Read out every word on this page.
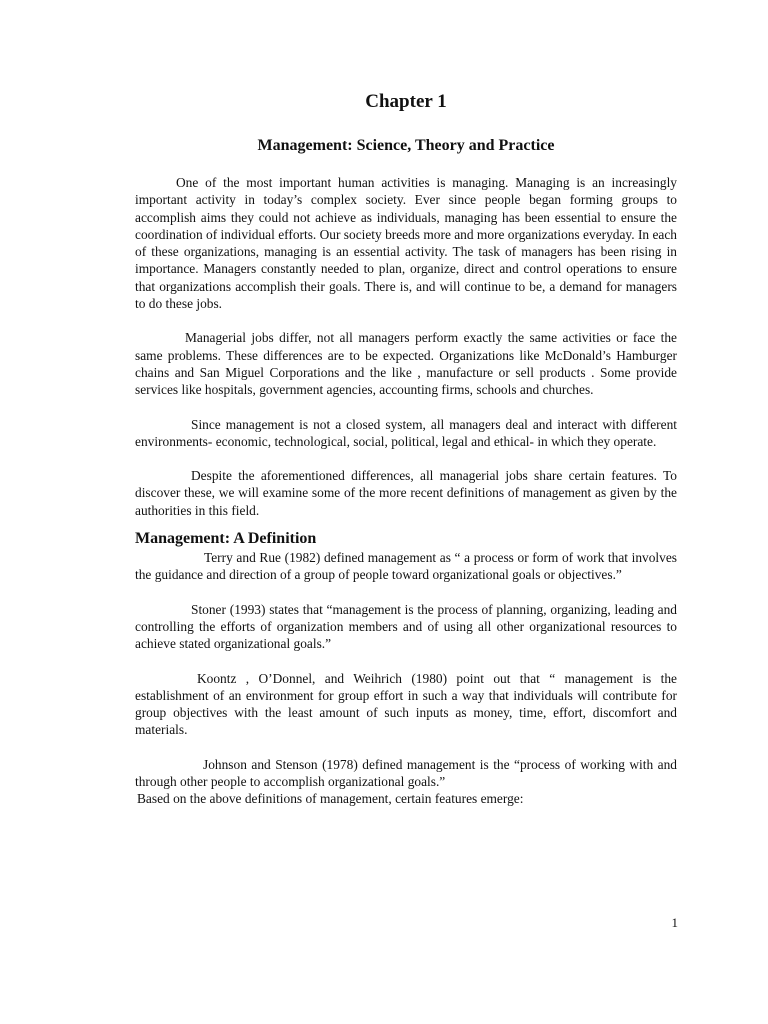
Chapter 1
Management: Science, Theory and Practice

One of the most important human activities is managing. Managing is an increasingly important activity in today’s complex society. Ever since people began forming groups to accomplish aims they could not achieve as individuals, managing has been essential to ensure the coordination of individual efforts. Our society breeds more and more organizations everyday. In each of these organizations, managing is an essential activity. The task of managers has been rising in importance. Managers constantly needed to plan, organize, direct and control operations to ensure that organizations accomplish their goals. There is, and will continue to be, a demand for managers to do these jobs.

Managerial jobs differ, not all managers perform exactly the same activities or face the same problems. These differences are to be expected. Organizations like McDonald’s Hamburger chains and San Miguel Corporations and the like , manufacture or sell products . Some provide services like hospitals, government agencies, accounting firms, schools and churches.

Since management is not a closed system, all managers deal and interact with different environments- economic, technological, social, political, legal and ethical- in which they operate.

Despite the aforementioned differences, all managerial jobs share certain features. To discover these, we will examine some of the more recent definitions of management as given by the authorities in this field.

Management: A Definition

Terry and Rue (1982) defined management as “ a process or form of work that involves the guidance and direction of a group of people toward organizational goals or objectives.”

Stoner (1993) states that “management is the process of planning, organizing, leading and controlling the efforts of organization members and of using all other organizational resources to achieve stated organizational goals.”

Koontz , O’Donnel, and Weihrich (1980) point out that “ management is the establishment of an environment for group effort in such a way that individuals will contribute for group objectives with the least amount of such inputs as money, time, effort, discomfort and materials.

Johnson and Stenson (1978) defined management is the “process of working with and through other people to accomplish organizational goals.”

Based on the above definitions of management, certain features emerge:

1
